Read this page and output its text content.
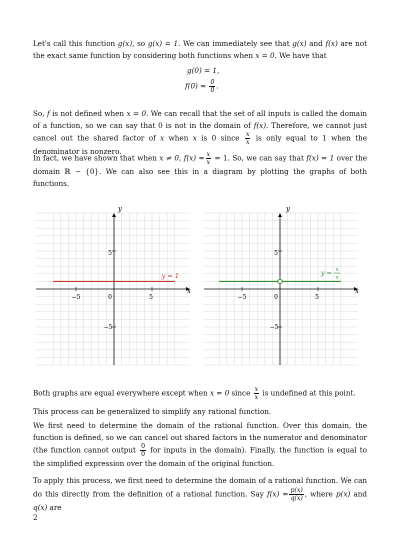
Let's call this function g(x), so g(x) = 1. We can immediately see that g(x) and f(x) are not the exact same function by considering both functions when x = 0. We have that

g(0) = 1,
$f(0) = \frac{0}{0}$ .

So, f is not defined when x = 0. We can recall that the set of all inputs is called the domain of a function, so we can say that 0 is not in the domain of f(x). Therefore, we cannot just cancel out the shared factor of x when x is 0 since $\frac{x}{x}$ is only equal to 1 when the denominator is nonzero.

In fact, we have shown that when x ≠ 0, $f(x) = \frac{x}{x} = 1$. So, we can say that f(x) = 1 over the domain ℝ − {0}. We can also see this in a diagram by plotting the graphs of both functions.

x
y
−5	0	5
5
−5
y = 1
x
y
−5	0	5
5
−5
y = x
x

Both graphs are equal everywhere except when x = 0 since $\frac{x}{x}$ is undefined at this point.

This process can be generalized to simplify any rational function.

We first need to determine the domain of the rational function. Over this domain, the function is defined, so we can cancel out shared factors in the numerator and denominator (the function cannot output $\frac{0}{0}$ for inputs in the domain). Finally, the function is equal to the simplified expression over the domain of the original function.

To apply this process, we first need to determine the domain of a rational function. We can do this directly from the definition of a rational function. Say $f(x) = \frac{p(x)}{q(x)}$ , where p(x) and q(x) are

2
